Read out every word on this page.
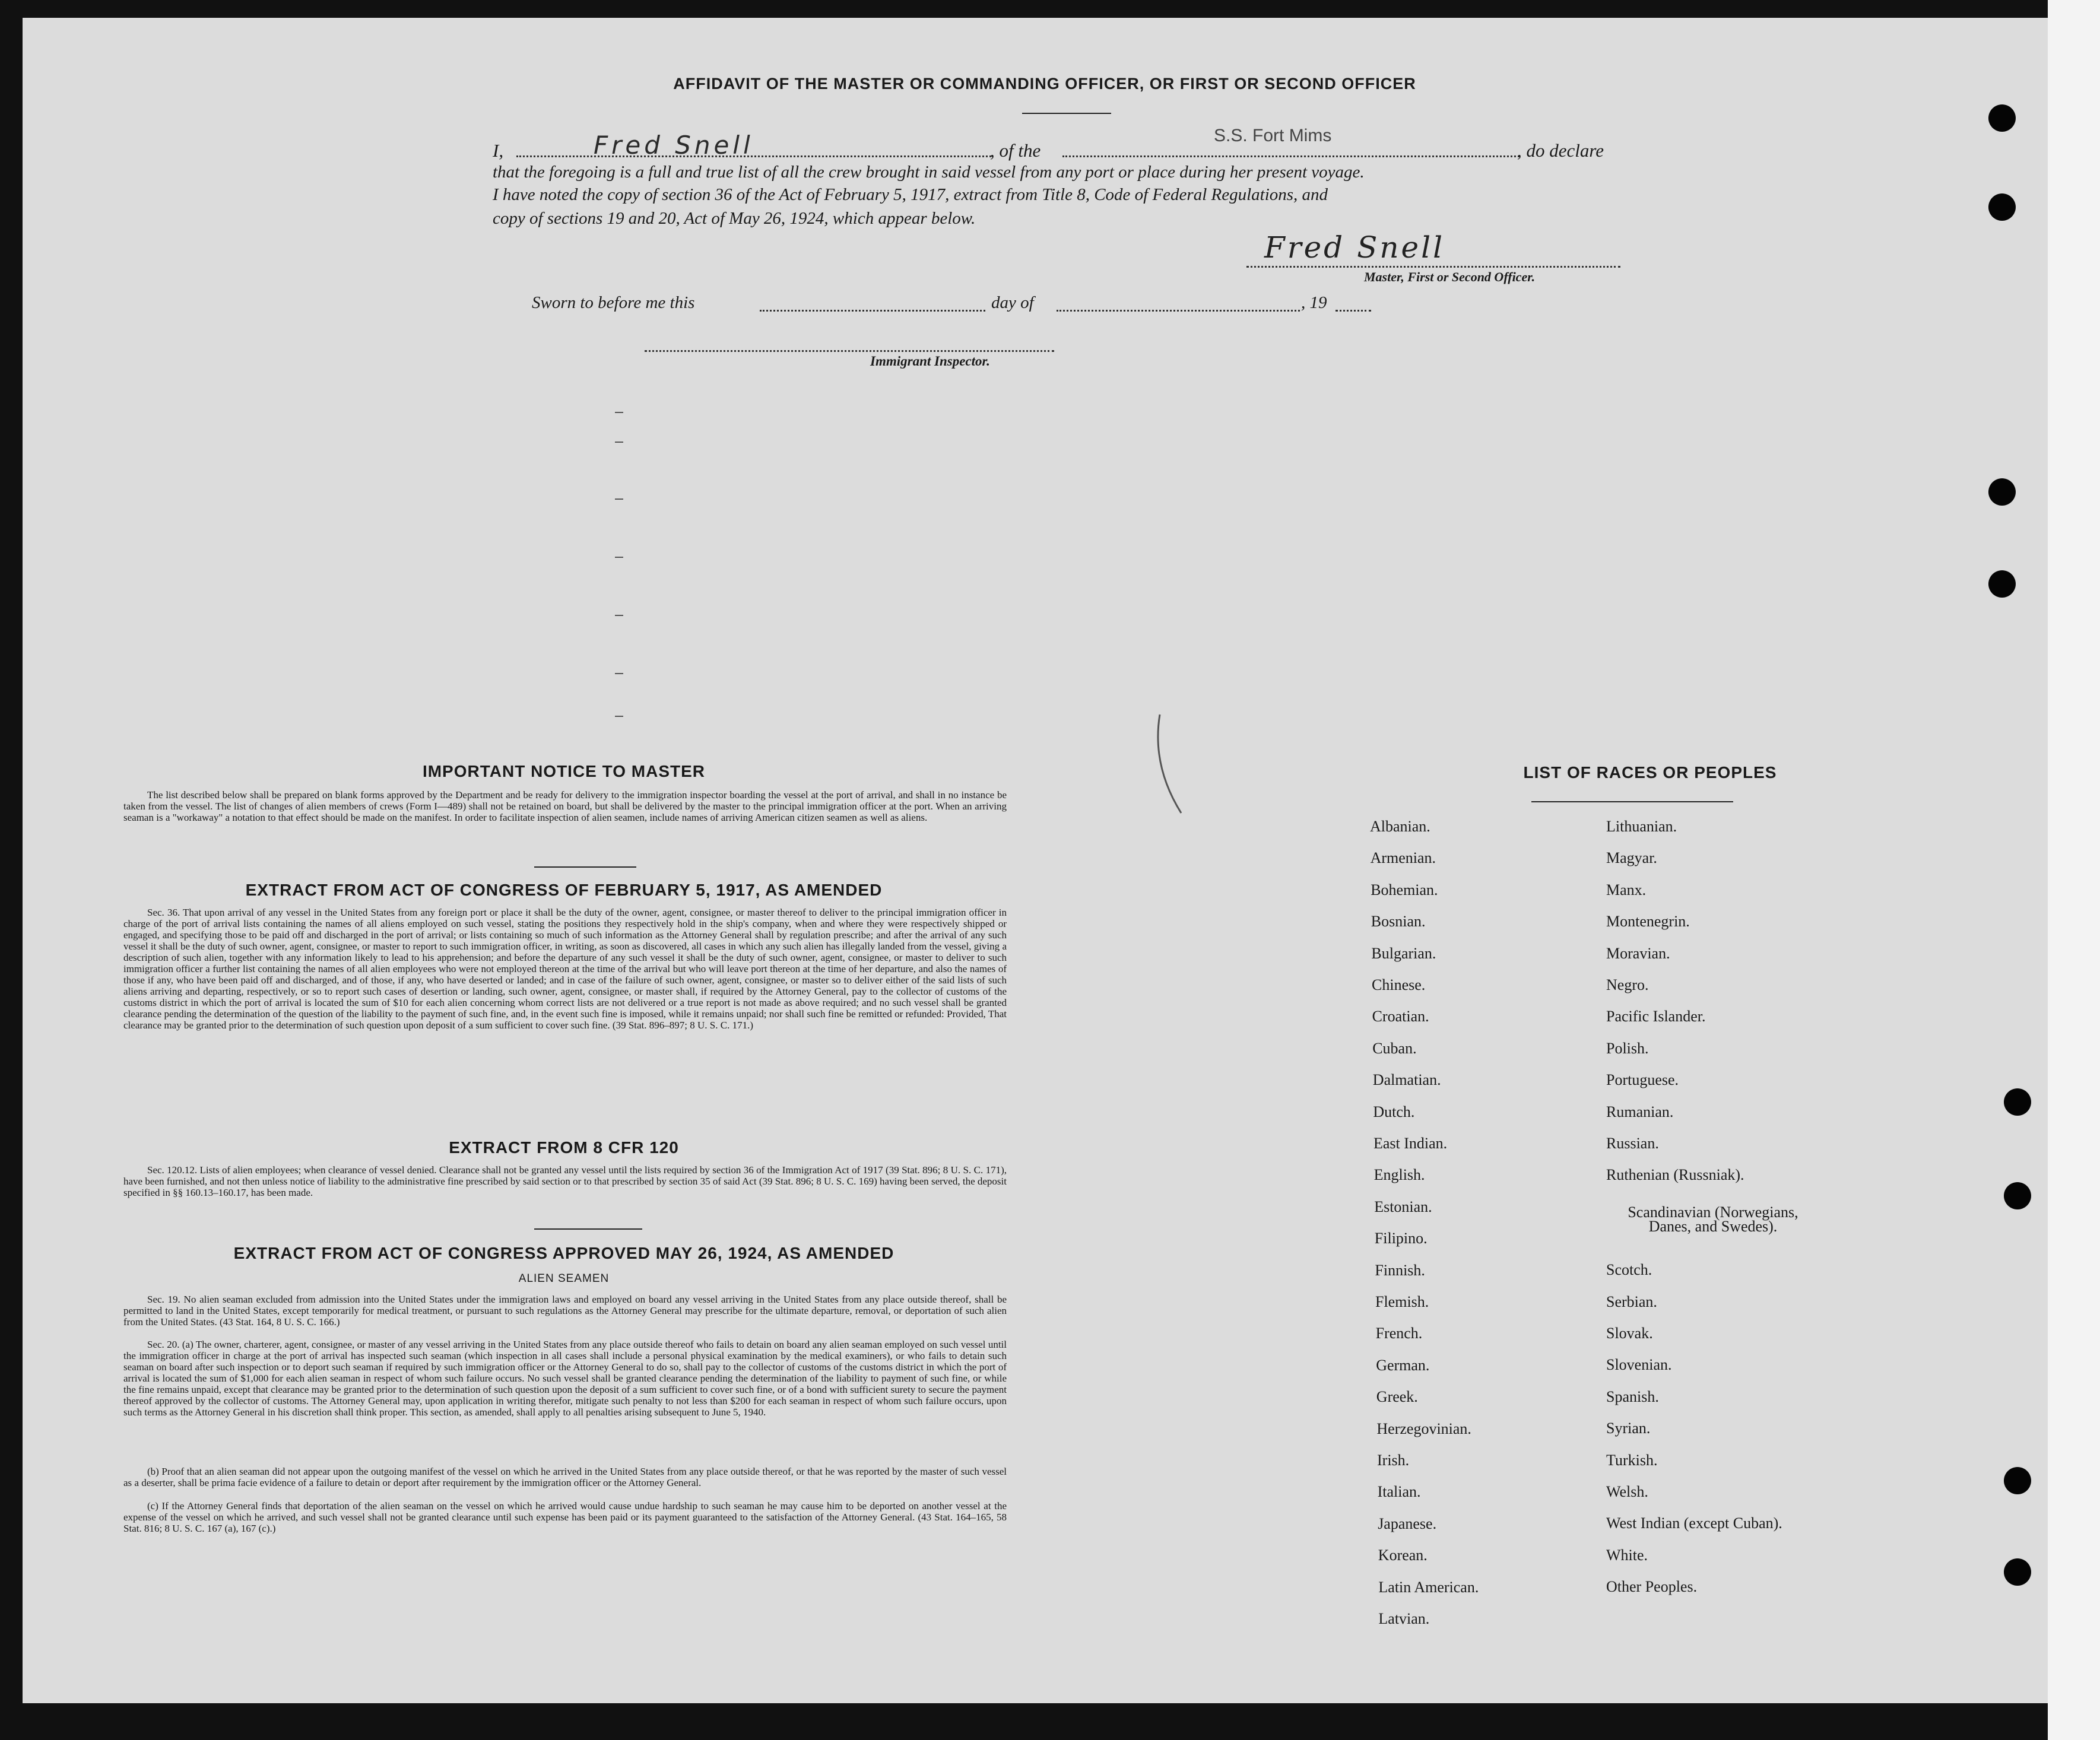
AFFIDAVIT OF THE MASTER OR COMMANDING OFFICER, OR FIRST OR SECOND OFFICER
I,	Fred Snell	, of the
S.S. Fort Mims
, do declare
that the foregoing is a full and true list of all the crew brought in said vessel from any port or place during her present voyage.
I have noted the copy of section 36 of the Act of February 5, 1917, extract from Title 8, Code of Federal Regulations, and
copy of sections 19 and 20, Act of May 26, 1924, which appear below.
Fred Snell
Master, First or Second Officer.
Sworn to before me this	day of	, 19
Immigrant Inspector.
IMPORTANT NOTICE TO MASTER
The list described below shall be prepared on blank forms approved by the Department and be ready for delivery to the immigration inspector boarding the vessel at the port of arrival, and shall in no instance be taken from the vessel. The list of changes of alien members of crews (Form I—489) shall not be retained on board, but shall be delivered by the master to the principal immigration officer at the port. When an arriving seaman is a "workaway" a notation to that effect should be made on the manifest. In order to facilitate inspection of alien seamen, include names of arriving American citizen seamen as well as aliens.
EXTRACT FROM ACT OF CONGRESS OF FEBRUARY 5, 1917, AS AMENDED
Sec. 36. That upon arrival of any vessel in the United States from any foreign port or place it shall be the duty of the owner, agent, consignee, or master thereof to deliver to the principal immigration officer in charge of the port of arrival lists containing the names of all aliens employed on such vessel, stating the positions they respectively hold in the ship's company, when and where they were respectively shipped or engaged, and specifying those to be paid off and discharged in the port of arrival; or lists containing so much of such information as the Attorney General shall by regulation prescribe; and after the arrival of any such vessel it shall be the duty of such owner, agent, consignee, or master to report to such immigration officer, in writing, as soon as discovered, all cases in which any such alien has illegally landed from the vessel, giving a description of such alien, together with any information likely to lead to his apprehension; and before the departure of any such vessel it shall be the duty of such owner, agent, consignee, or master to deliver to such immigration officer a further list containing the names of all alien employees who were not employed thereon at the time of the arrival but who will leave port thereon at the time of her departure, and also the names of those if any, who have been paid off and discharged, and of those, if any, who have deserted or landed; and in case of the failure of such owner, agent, consignee, or master so to deliver either of the said lists of such aliens arriving and departing, respectively, or so to report such cases of desertion or landing, such owner, agent, consignee, or master shall, if required by the Attorney General, pay to the collector of customs of the customs district in which the port of arrival is located the sum of $10 for each alien concerning whom correct lists are not delivered or a true report is not made as above required; and no such vessel shall be granted clearance pending the determination of the question of the liability to the payment of such fine, and, in the event such fine is imposed, while it remains unpaid; nor shall such fine be remitted or refunded: Provided, That clearance may be granted prior to the determination of such question upon deposit of a sum sufficient to cover such fine. (39 Stat. 896–897; 8 U. S. C. 171.)
EXTRACT FROM 8 CFR 120
Sec. 120.12. Lists of alien employees; when clearance of vessel denied. Clearance shall not be granted any vessel until the lists required by section 36 of the Immigration Act of 1917 (39 Stat. 896; 8 U. S. C. 171), have been furnished, and not then unless notice of liability to the administrative fine prescribed by said section or to that prescribed by section 35 of said Act (39 Stat. 896; 8 U. S. C. 169) having been served, the deposit specified in §§ 160.13–160.17, has been made.
EXTRACT FROM ACT OF CONGRESS APPROVED MAY 26, 1924, AS AMENDED
ALIEN SEAMEN
Sec. 19. No alien seaman excluded from admission into the United States under the immigration laws and employed on board any vessel arriving in the United States from any place outside thereof, shall be permitted to land in the United States, except temporarily for medical treatment, or pursuant to such regulations as the Attorney General may prescribe for the ultimate departure, removal, or deportation of such alien from the United States. (43 Stat. 164, 8 U. S. C. 166.)
Sec. 20. (a) The owner, charterer, agent, consignee, or master of any vessel arriving in the United States from any place outside thereof who fails to detain on board any alien seaman employed on such vessel until the immigration officer in charge at the port of arrival has inspected such seaman (which inspection in all cases shall include a personal physical examination by the medical examiners), or who fails to detain such seaman on board after such inspection or to deport such seaman if required by such immigration officer or the Attorney General to do so, shall pay to the collector of customs of the customs district in which the port of arrival is located the sum of $1,000 for each alien seaman in respect of whom such failure occurs. No such vessel shall be granted clearance pending the determination of the liability to payment of such fine, or while the fine remains unpaid, except that clearance may be granted prior to the determination of such question upon the deposit of a sum sufficient to cover such fine, or of a bond with sufficient surety to secure the payment thereof approved by the collector of customs. The Attorney General may, upon application in writing therefor, mitigate such penalty to not less than $200 for each seaman in respect of whom such failure occurs, upon such terms as the Attorney General in his discretion shall think proper. This section, as amended, shall apply to all penalties arising subsequent to June 5, 1940.
(b) Proof that an alien seaman did not appear upon the outgoing manifest of the vessel on which he arrived in the United States from any place outside thereof, or that he was reported by the master of such vessel as a deserter, shall be prima facie evidence of a failure to detain or deport after requirement by the immigration officer or the Attorney General.
(c) If the Attorney General finds that deportation of the alien seaman on the vessel on which he arrived would cause undue hardship to such seaman he may cause him to be deported on another vessel at the expense of the vessel on which he arrived, and such vessel shall not be granted clearance until such expense has been paid or its payment guaranteed to the satisfaction of the Attorney General. (43 Stat. 164–165, 58 Stat. 816; 8 U. S. C. 167 (a), 167 (c).)
LIST OF RACES OR PEOPLES
Albanian.
Armenian.
Bohemian.
Bosnian.
Bulgarian.
Chinese.
Croatian.
Cuban.
Dalmatian.
Dutch.
East Indian.
English.
Estonian.
Filipino.
Finnish.
Flemish.
French.
German.
Greek.
Herzegovinian.
Irish.
Italian.
Japanese.
Korean.
Latin American.
Latvian.
Lithuanian.
Magyar.
Manx.
Montenegrin.
Moravian.
Negro.
Pacific Islander.
Polish.
Portuguese.
Rumanian.
Russian.
Ruthenian (Russniak).
Scandinavian (Norwegians, Danes, and Swedes).
Scotch.
Serbian.
Slovak.
Slovenian.
Spanish.
Syrian.
Turkish.
Welsh.
West Indian (except Cuban).
White.
Other Peoples.
